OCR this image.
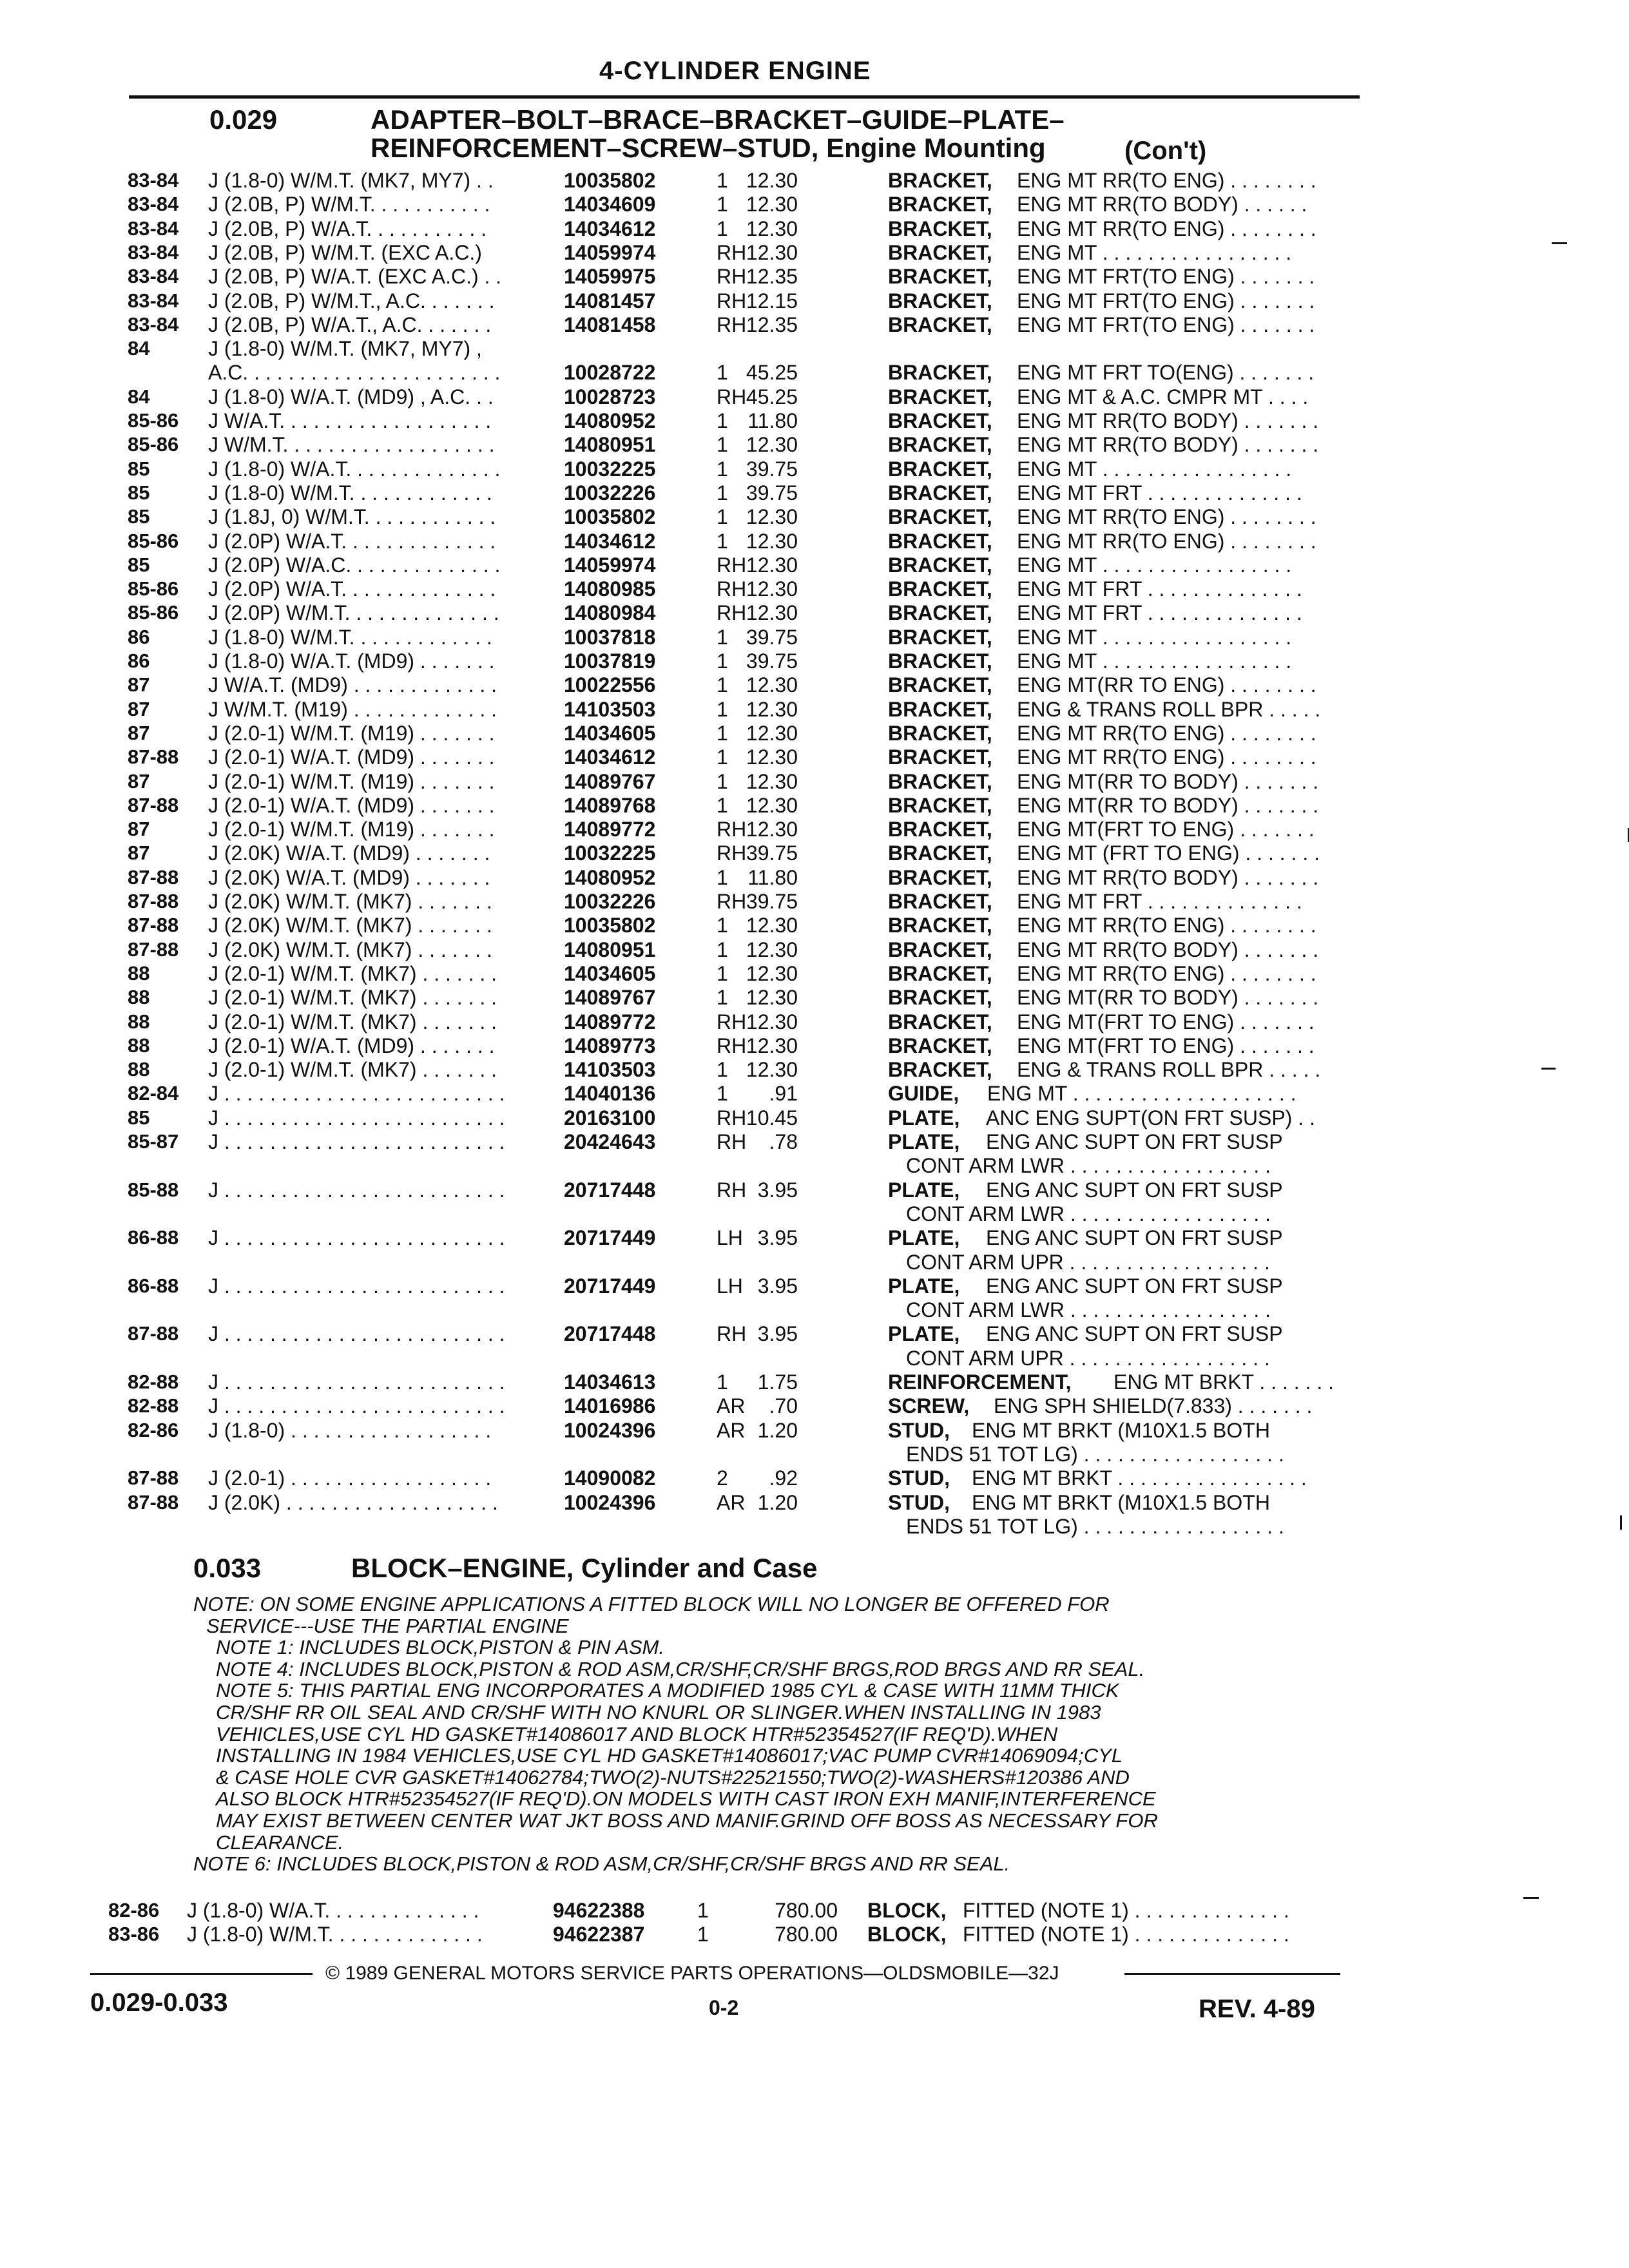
4-CYLINDER ENGINE
0.029	ADAPTER–BOLT–BRACE–BRACKET–GUIDE–PLATE–
REINFORCEMENT–SCREW–STUD, Engine Mounting	(Con't)
83-84 J (1.8-0) W/M.T. (MK7, MY7) . .	10035802	1 12.30	BRACKET, ENG MT RR(TO ENG) . . . . . . . .
83-84 J (2.0B, P) W/M.T. . . . . . . . . . .	14034609	1 12.30	BRACKET, ENG MT RR(TO BODY) . . . . . .
83-84 J (2.0B, P) W/A.T. . . . . . . . . . .	14034612	1 12.30	BRACKET, ENG MT RR(TO ENG) . . . . . . . .
83-84 J (2.0B, P) W/M.T. (EXC A.C.)	14059974	RH 12.30	BRACKET, ENG MT . . . . . . . . . . . . . . . . .
83-84 J (2.0B, P) W/A.T. (EXC A.C.) . .	14059975	RH 12.35	BRACKET, ENG MT FRT(TO ENG) . . . . . . .
83-84 J (2.0B, P) W/M.T., A.C. . . . . . .	14081457	RH 12.15	BRACKET, ENG MT FRT(TO ENG) . . . . . . .
83-84 J (2.0B, P) W/A.T., A.C. . . . . . .	14081458	RH 12.35	BRACKET, ENG MT FRT(TO ENG) . . . . . . .
84	J (1.8-0) W/M.T. (MK7, MY7) ,
A.C. . . . . . . . . . . . . . . . . . . . . . .	10028722	1 45.25	BRACKET, ENG MT FRT TO(ENG) . . . . . . .
84	J (1.8-0) W/A.T. (MD9) , A.C. . .	10028723	RH 45.25	BRACKET, ENG MT & A.C. CMPR MT . . . .
85-86 J W/A.T. . . . . . . . . . . . . . . . . . .	14080952	1 11.80	BRACKET, ENG MT RR(TO BODY) . . . . . . .
85-86 J W/M.T. . . . . . . . . . . . . . . . . . .	14080951	1 12.30	BRACKET, ENG MT RR(TO BODY) . . . . . . .
85	J (1.8-0) W/A.T. . . . . . . . . . . . . .	10032225	1 39.75	BRACKET, ENG MT . . . . . . . . . . . . . . . . .
85	J (1.8-0) W/M.T. . . . . . . . . . . . .	10032226	1 39.75	BRACKET, ENG MT FRT . . . . . . . . . . . . . .
85	J (1.8J, 0) W/M.T. . . . . . . . . . . .	10035802	1 12.30	BRACKET, ENG MT RR(TO ENG) . . . . . . . .
85-86 J (2.0P) W/A.T. . . . . . . . . . . . . .	14034612	1 12.30	BRACKET, ENG MT RR(TO ENG) . . . . . . . .
85	J (2.0P) W/A.C. . . . . . . . . . . . . .	14059974	RH 12.30	BRACKET, ENG MT . . . . . . . . . . . . . . . . .
85-86 J (2.0P) W/A.T. . . . . . . . . . . . . .	14080985	RH 12.30	BRACKET, ENG MT FRT . . . . . . . . . . . . . .
85-86 J (2.0P) W/M.T. . . . . . . . . . . . . .	14080984	RH 12.30	BRACKET, ENG MT FRT . . . . . . . . . . . . . .
86	J (1.8-0) W/M.T. . . . . . . . . . . . .	10037818	1 39.75	BRACKET, ENG MT . . . . . . . . . . . . . . . . .
86	J (1.8-0) W/A.T. (MD9) . . . . . . .	10037819	1 39.75	BRACKET, ENG MT . . . . . . . . . . . . . . . . .
87	J W/A.T. (MD9) . . . . . . . . . . . . .	10022556	1 12.30	BRACKET, ENG MT(RR TO ENG) . . . . . . . .
87	J W/M.T. (M19) . . . . . . . . . . . . .	14103503	1 12.30	BRACKET, ENG & TRANS ROLL BPR . . . . .
87	J (2.0-1) W/M.T. (M19) . . . . . . .	14034605	1 12.30	BRACKET, ENG MT RR(TO ENG) . . . . . . . .
87-88 J (2.0-1) W/A.T. (MD9) . . . . . . .	14034612	1 12.30	BRACKET, ENG MT RR(TO ENG) . . . . . . . .
87	J (2.0-1) W/M.T. (M19) . . . . . . .	14089767	1 12.30	BRACKET, ENG MT(RR TO BODY) . . . . . . .
87-88 J (2.0-1) W/A.T. (MD9) . . . . . . .	14089768	1 12.30	BRACKET, ENG MT(RR TO BODY) . . . . . . .
87	J (2.0-1) W/M.T. (M19) . . . . . . .	14089772	RH 12.30	BRACKET, ENG MT(FRT TO ENG) . . . . . . .
87	J (2.0K) W/A.T. (MD9) . . . . . . .	10032225	RH 39.75	BRACKET, ENG MT (FRT TO ENG) . . . . . . .
87-88 J (2.0K) W/A.T. (MD9) . . . . . . .	14080952	1 11.80	BRACKET, ENG MT RR(TO BODY) . . . . . . .
87-88 J (2.0K) W/M.T. (MK7) . . . . . . .	10032226	RH 39.75	BRACKET, ENG MT FRT . . . . . . . . . . . . . .
87-88 J (2.0K) W/M.T. (MK7) . . . . . . .	10035802	1 12.30	BRACKET, ENG MT RR(TO ENG) . . . . . . . .
87-88 J (2.0K) W/M.T. (MK7) . . . . . . .	14080951	1 12.30	BRACKET, ENG MT RR(TO BODY) . . . . . . .
88	J (2.0-1) W/M.T. (MK7) . . . . . . .	14034605	1 12.30	BRACKET, ENG MT RR(TO ENG) . . . . . . . .
88	J (2.0-1) W/M.T. (MK7) . . . . . . .	14089767	1 12.30	BRACKET, ENG MT(RR TO BODY) . . . . . . .
88	J (2.0-1) W/M.T. (MK7) . . . . . . .	14089772	RH 12.30	BRACKET, ENG MT(FRT TO ENG) . . . . . . .
88	J (2.0-1) W/A.T. (MD9) . . . . . . .	14089773	RH 12.30	BRACKET, ENG MT(FRT TO ENG) . . . . . . .
88	J (2.0-1) W/M.T. (MK7) . . . . . . .	14103503	1 12.30	BRACKET, ENG & TRANS ROLL BPR . . . . .
82-84 J . . . . . . . . . . . . . . . . . . . . . . . . .	14040136	1	.91	GUIDE, ENG MT . . . . . . . . . . . . . . . . . . . .
85	J . . . . . . . . . . . . . . . . . . . . . . . . .	20163100	RH 10.45	PLATE, ANC ENG SUPT(ON FRT SUSP) . .
85-87 J . . . . . . . . . . . . . . . . . . . . . . . . .	20424643	RH	.78	PLATE, ENG ANC SUPT ON FRT SUSP
CONT ARM LWR . . . . . . . . . . . . . . . . . .
85-88 J . . . . . . . . . . . . . . . . . . . . . . . . .	20717448	RH 3.95	PLATE, ENG ANC SUPT ON FRT SUSP
CONT ARM LWR . . . . . . . . . . . . . . . . . .
86-88 J . . . . . . . . . . . . . . . . . . . . . . . . .	20717449	LH 3.95	PLATE, ENG ANC SUPT ON FRT SUSP
CONT ARM UPR . . . . . . . . . . . . . . . . . .
86-88 J . . . . . . . . . . . . . . . . . . . . . . . . .	20717449	LH 3.95	PLATE, ENG ANC SUPT ON FRT SUSP
CONT ARM LWR . . . . . . . . . . . . . . . . . .
87-88 J . . . . . . . . . . . . . . . . . . . . . . . . .	20717448	RH 3.95	PLATE, ENG ANC SUPT ON FRT SUSP
CONT ARM UPR . . . . . . . . . . . . . . . . . .
82-88 J . . . . . . . . . . . . . . . . . . . . . . . . .	14034613	1	1.75	REINFORCEMENT, ENG MT BRKT . . . . . . .
82-88 J . . . . . . . . . . . . . . . . . . . . . . . . .	14016986	AR	.70	SCREW, ENG SPH SHIELD(7.833) . . . . . . .
82-86 J (1.8-0) . . . . . . . . . . . . . . . . . .	10024396	AR 1.20	STUD, ENG MT BRKT (M10X1.5 BOTH
ENDS 51 TOT LG) . . . . . . . . . . . . . . . . . .
87-88 J (2.0-1) . . . . . . . . . . . . . . . . . .	14090082	2	.92	STUD, ENG MT BRKT . . . . . . . . . . . . . . . . .
87-88 J (2.0K) . . . . . . . . . . . . . . . . . . .	10024396	AR 1.20	STUD, ENG MT BRKT (M10X1.5 BOTH
ENDS 51 TOT LG) . . . . . . . . . . . . . . . . . .
0.033	BLOCK–ENGINE, Cylinder and Case
NOTE: ON SOME ENGINE APPLICATIONS A FITTED BLOCK WILL NO LONGER BE OFFERED FOR
SERVICE---USE THE PARTIAL ENGINE
NOTE 1: INCLUDES BLOCK,PISTON & PIN ASM.
NOTE 4: INCLUDES BLOCK,PISTON & ROD ASM,CR/SHF,CR/SHF BRGS,ROD BRGS AND RR SEAL.
NOTE 5: THIS PARTIAL ENG INCORPORATES A MODIFIED 1985 CYL & CASE WITH 11MM THICK
CR/SHF RR OIL SEAL AND CR/SHF WITH NO KNURL OR SLINGER.WHEN INSTALLING IN 1983
VEHICLES,USE CYL HD GASKET#14086017 AND BLOCK HTR#52354527(IF REQ'D).WHEN
INSTALLING IN 1984 VEHICLES,USE CYL HD GASKET#14086017;VAC PUMP CVR#14069094;CYL
& CASE HOLE CVR GASKET#14062784;TWO(2)-NUTS#22521550;TWO(2)-WASHERS#120386 AND
ALSO BLOCK HTR#52354527(IF REQ'D).ON MODELS WITH CAST IRON EXH MANIF,INTERFERENCE
MAY EXIST BETWEEN CENTER WAT JKT BOSS AND MANIF.GRIND OFF BOSS AS NECESSARY FOR
CLEARANCE.
NOTE 6: INCLUDES BLOCK,PISTON & ROD ASM,CR/SHF,CR/SHF BRGS AND RR SEAL.
82-86 J (1.8-0) W/A.T. . . . . . . . . . . . . .	94622388	1	780.00 BLOCK, FITTED (NOTE 1) . . . . . . . . . . . . . .
83-86 J (1.8-0) W/M.T. . . . . . . . . . . . . .	94622387	1	780.00 BLOCK, FITTED (NOTE 1) . . . . . . . . . . . . . .
© 1989 GENERAL MOTORS SERVICE PARTS OPERATIONS—OLDSMOBILE—32J
0.029-0.033	0-2	REV. 4-89
